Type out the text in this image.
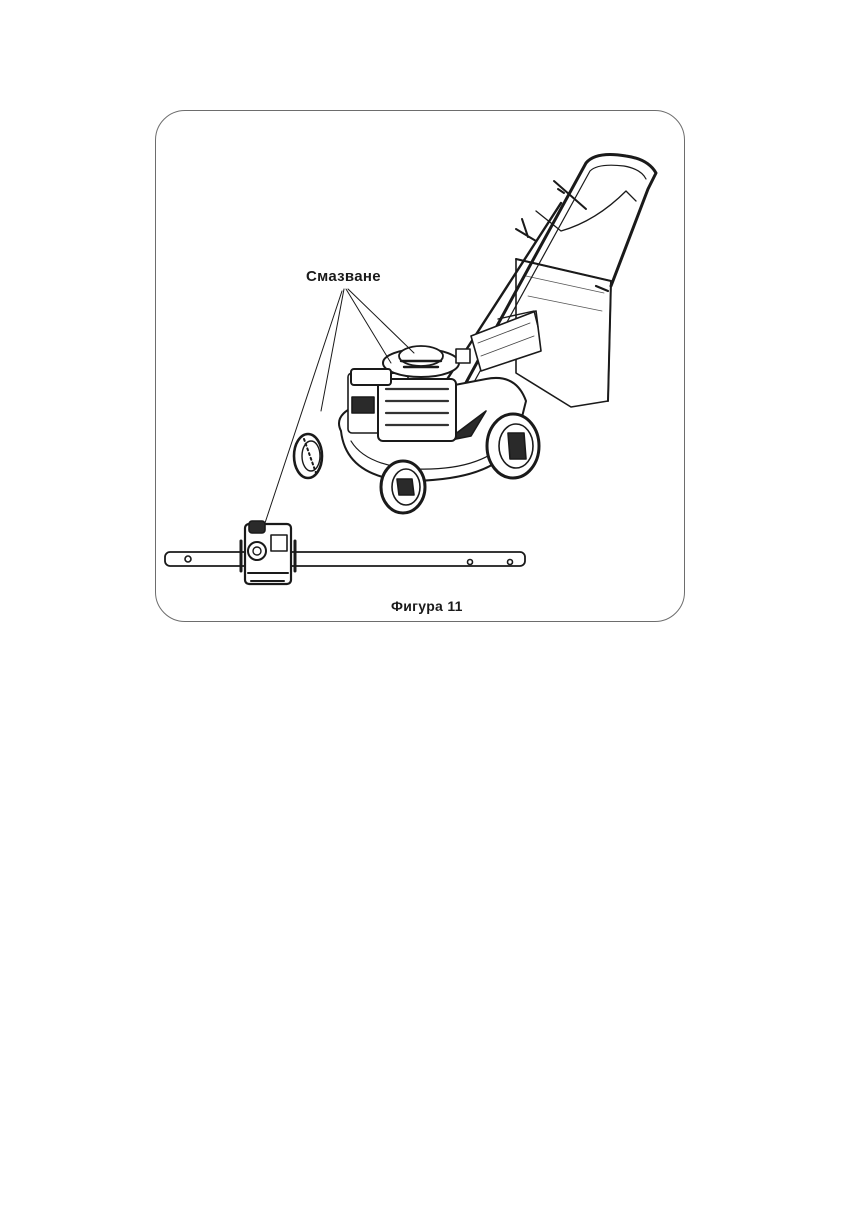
Смазване
Фигура 11
